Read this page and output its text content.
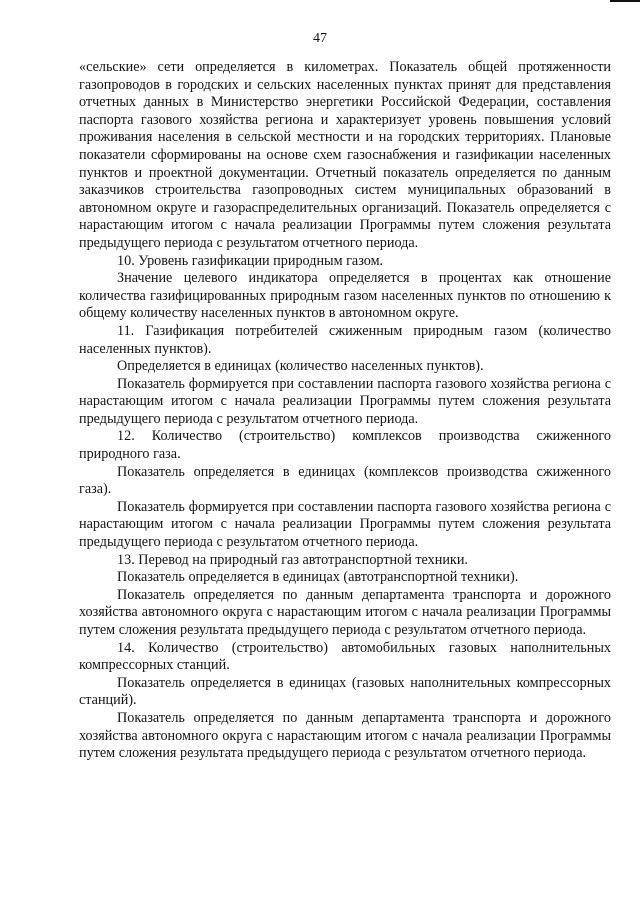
47

«сельские» сети определяется в километрах. Показатель общей протяженности газопроводов в городских и сельских населенных пунктах принят для представления отчетных данных в Министерство энергетики Российской Федерации, составления паспорта газового хозяйства региона и характеризует уровень повышения условий проживания населения в сельской местности и на городских территориях. Плановые показатели сформированы на основе схем газоснабжения и газификации населенных пунктов и проектной документации. Отчетный показатель определяется по данным заказчиков строительства газопроводных систем муниципальных образований в автономном округе и газораспределительных организаций. Показатель определяется с нарастающим итогом с начала реализации Программы путем сложения результата предыдущего периода с результатом отчетного периода.

10. Уровень газификации природным газом.

Значение целевого индикатора определяется в процентах как отношение количества газифицированных природным газом населенных пунктов по отношению к общему количеству населенных пунктов в автономном округе.

11. Газификация потребителей сжиженным природным газом (количество населенных пунктов).

Определяется в единицах (количество населенных пунктов).

Показатель формируется при составлении паспорта газового хозяйства региона с нарастающим итогом с начала реализации Программы путем сложения результата предыдущего периода с результатом отчетного периода.

12. Количество (строительство) комплексов производства сжиженного природного газа.

Показатель определяется в единицах (комплексов производства сжиженного газа).

Показатель формируется при составлении паспорта газового хозяйства региона с нарастающим итогом с начала реализации Программы путем сложения результата предыдущего периода с результатом отчетного периода.

13. Перевод на природный газ автотранспортной техники.

Показатель определяется в единицах (автотранспортной техники).

Показатель определяется по данным департамента транспорта и дорожного хозяйства автономного округа с нарастающим итогом с начала реализации Программы путем сложения результата предыдущего периода с результатом отчетного периода.

14. Количество (строительство) автомобильных газовых наполнительных компрессорных станций.

Показатель определяется в единицах (газовых наполнительных компрессорных станций).

Показатель определяется по данным департамента транспорта и дорожного хозяйства автономного округа с нарастающим итогом с начала реализации Программы путем сложения результата предыдущего периода с результатом отчетного периода.
